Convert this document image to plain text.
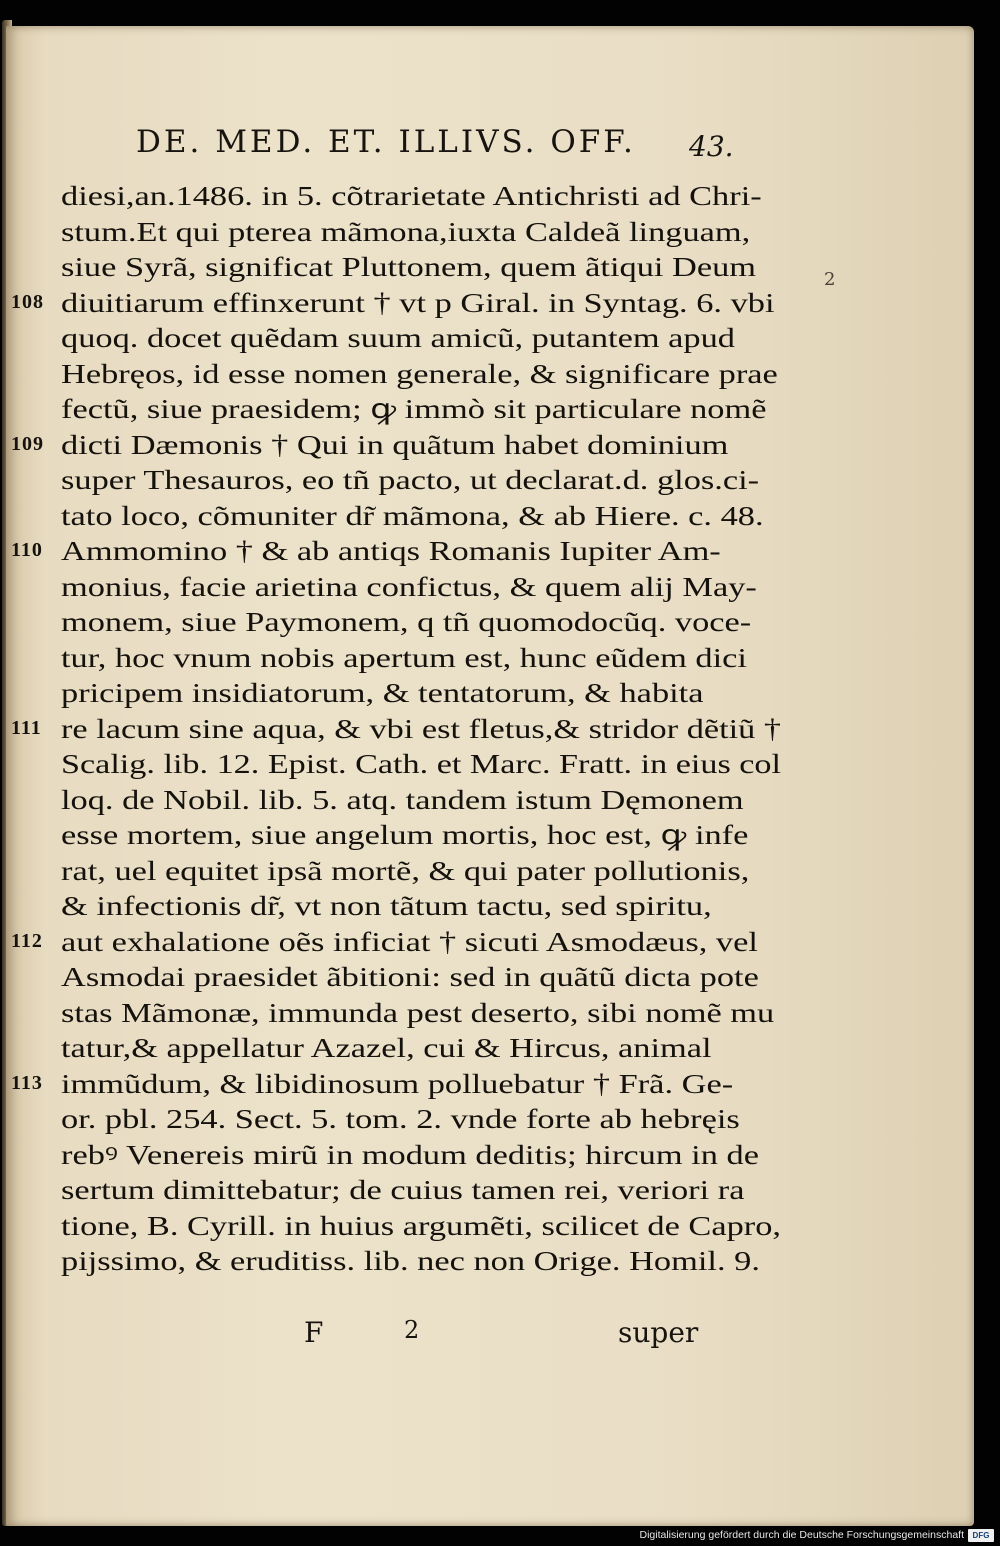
DE. MED. ET. ILLIVS. OFF. 43.
2
diesi,an.1486. in 5. cõtrarietate Antichristi ad Chri-
stum.Et qui pterea mãmona,iuxta Caldeã linguam,
siue Syrã, significat Pluttonem, quem ãtiqui Deum
108 diuitiarum effinxerunt † vt p Giral. in Syntag. 6. vbi
quoq. docet quẽdam suum amicũ, putantem apud
Hebręos, id esse nomen generale, & significare prae
fectũ, siue praesidem; ꝙ immò sit particulare nomẽ
109 dicti Dæmonis † Qui in quãtum habet dominium
super Thesauros, eo tñ pacto, ut declarat.d. glos.ci-
tato loco, cõmuniter dr̃ mãmona, & ab Hiere. c. 48.
110 Ammomino † & ab antiqs Romanis Iupiter Am-
monius, facie arietina confictus, & quem alij May-
monem, siue Paymonem, q tñ quomodocũq. voce-
tur, hoc vnum nobis apertum est, hunc eũdem dici
pricipem insidiatorum, & tentatorum, & habita
111 re lacum sine aqua, & vbi est fletus,& stridor dẽtiũ †
Scalig. lib. 12. Epist. Cath. et Marc. Fratt. in eius col
loq. de Nobil. lib. 5. atq. tandem istum Dęmonem
esse mortem, siue angelum mortis, hoc est, ꝙ infe
rat, uel equitet ipsã mortẽ, & qui pater pollutionis,
& infectionis dr̃, vt non tãtum tactu, sed spiritu,
112 aut exhalatione oẽs inficiat † sicuti Asmodæus, vel
Asmodai praesidet ãbitioni: sed in quãtũ dicta pote
stas Mãmonæ, immunda pest deserto, sibi nomẽ mu
tatur,& appellatur Azazel, cui & Hircus, animal
113 immũdum, & libidinosum polluebatur † Frã. Ge-
or. pbl. 254. Sect. 5. tom. 2. vnde forte ab hebręis
rebꝰ Venereis mirũ in modum deditis; hircum in de
sertum dimittebatur; de cuius tamen rei, veriori ra
tione, B. Cyrill. in huius argumẽti, scilicet de Capro,
pijssimo, & eruditiss. lib. nec non Orige. Homil. 9.
F	2	super
Digitalisierung gefördert durch die Deutsche Forschungsgemeinschaft	DFG
